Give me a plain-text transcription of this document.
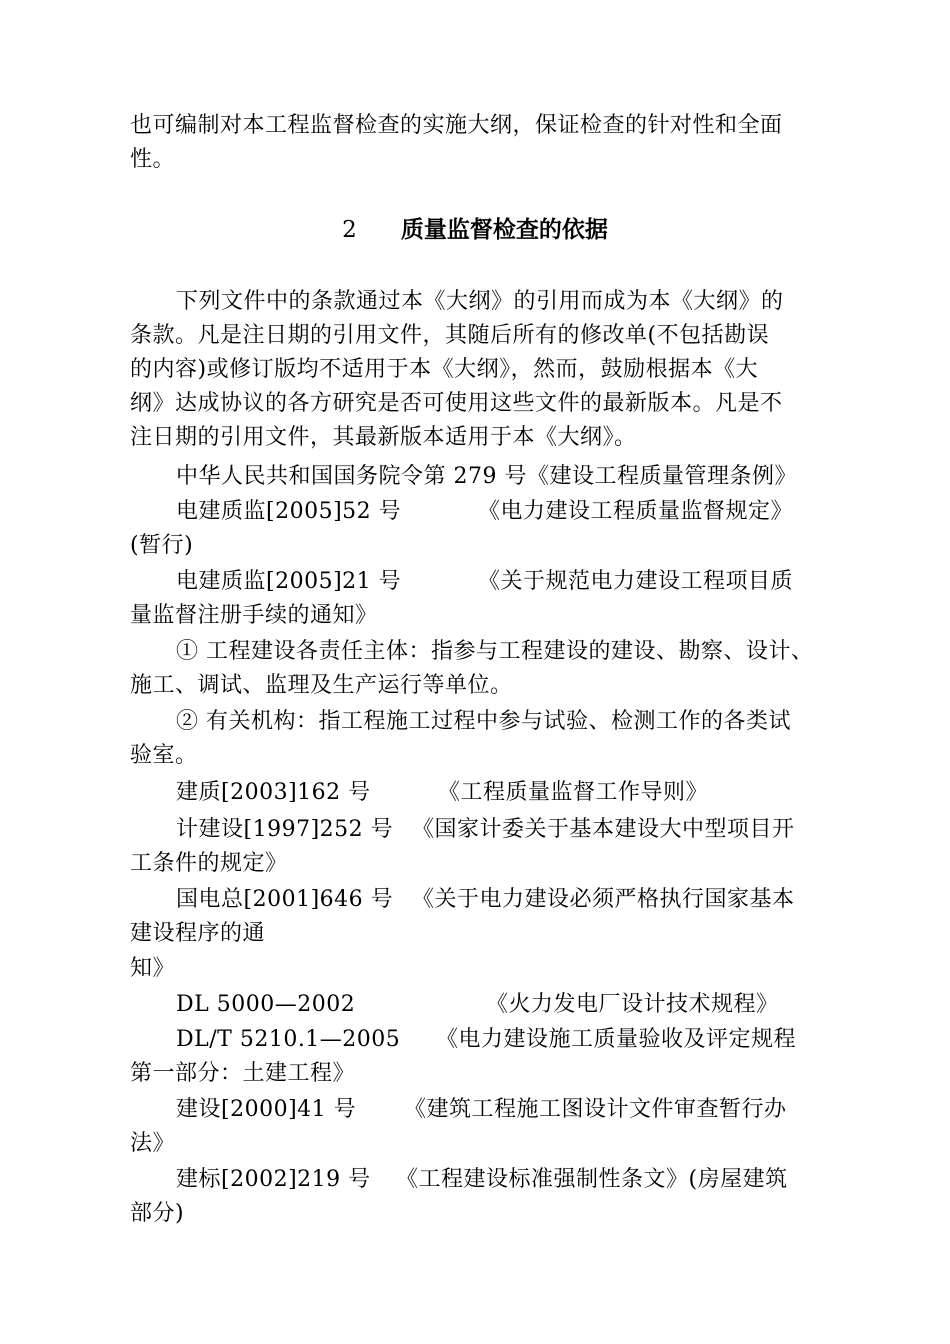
也可编制对本工程监督检查的实施大纲，保证检查的针对性和全面
性。
2 质量监督检查的依据
下列文件中的条款通过本《大纲》的引用而成为本《大纲》的
条款。凡是注日期的引用文件，其随后所有的修改单(不包括勘误
的内容)或修订版均不适用于本《大纲》，然而，鼓励根据本《大
纲》达成协议的各方研究是否可使用这些文件的最新版本。凡是不
注日期的引用文件，其最新版本适用于本《大纲》。
中华人民共和国国务院令第 279 号《建设工程质量管理条例》
电建质监[2005]52 号	《电力建设工程质量监督规定》
(暂行)
电建质监[2005]21 号	《关于规范电力建设工程项目质
量监督注册手续的通知》
① 工程建设各责任主体：指参与工程建设的建设、勘察、设计、
施工、调试、监理及生产运行等单位。
② 有关机构：指工程施工过程中参与试验、检测工作的各类试
验室。
建质[2003]162 号	《工程质量监督工作导则》
计建设[1997]252 号 《国家计委关于基本建设大中型项目开
工条件的规定》
国电总[2001]646 号 《关于电力建设必须严格执行国家基本
建设程序的通
知》
DL 5000—2002	《火力发电厂设计技术规程》
DL/T 5210.1—2005 《电力建设施工质量验收及评定规程
第一部分：土建工程》
建设[2000]41 号 《建筑工程施工图设计文件审查暂行办
法》
建标[2002]219 号 《工程建设标准强制性条文》(房屋建筑
部分)
